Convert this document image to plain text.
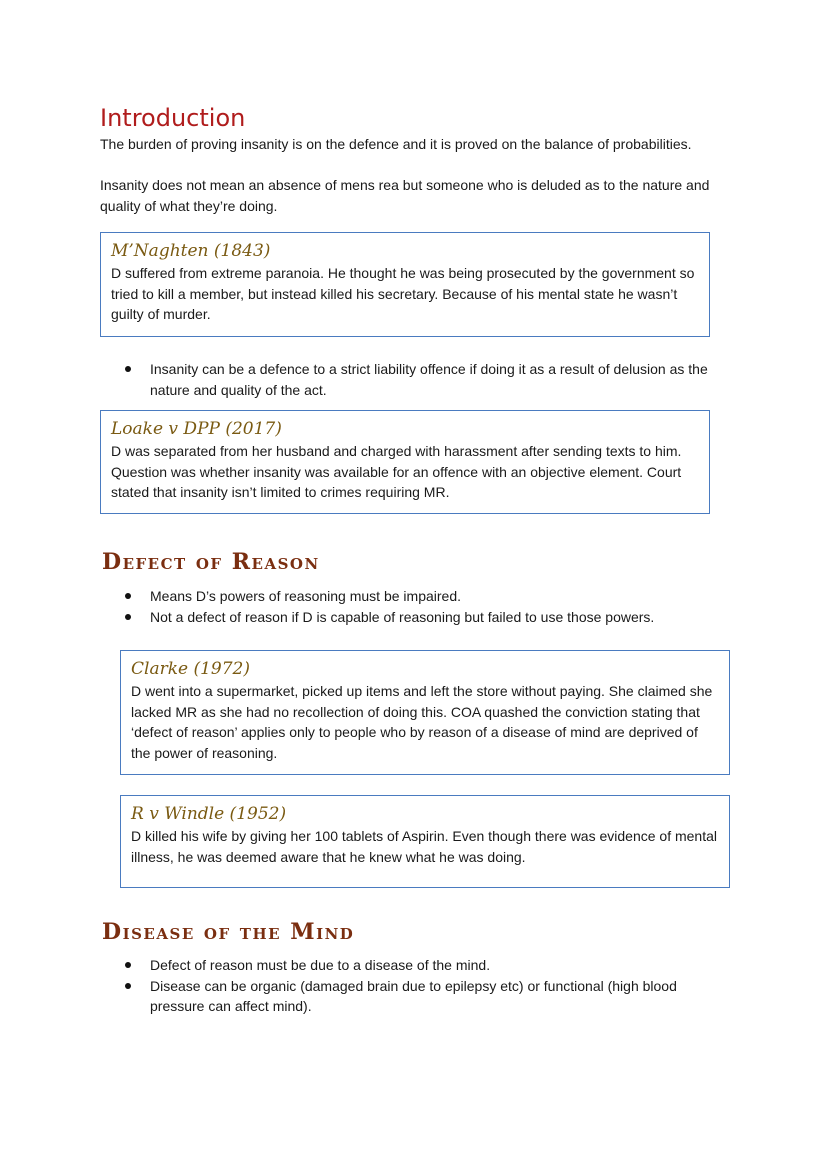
Introduction

The burden of proving insanity is on the defence and it is proved on the balance of probabilities.

Insanity does not mean an absence of mens rea but someone who is deluded as to the nature and quality of what they’re doing.

M’Naghten (1843)
D suffered from extreme paranoia. He thought he was being prosecuted by the government so tried to kill a member, but instead killed his secretary. Because of his mental state he wasn’t guilty of murder.
Insanity can be a defence to a strict liability offence if doing it as a result of delusion as the nature and quality of the act.
Loake v DPP (2017)
D was separated from her husband and charged with harassment after sending texts to him. Question was whether insanity was available for an offence with an objective element. Court stated that insanity isn’t limited to crimes requiring MR.
Defect of Reason
Means D’s powers of reasoning must be impaired.
Not a defect of reason if D is capable of reasoning but failed to use those powers.
Clarke (1972)
D went into a supermarket, picked up items and left the store without paying. She claimed she lacked MR as she had no recollection of doing this. COA quashed the conviction stating that ‘defect of reason’ applies only to people who by reason of a disease of mind are deprived of the power of reasoning.
R v Windle (1952)
D killed his wife by giving her 100 tablets of Aspirin. Even though there was evidence of mental illness, he was deemed aware that he knew what he was doing.
Disease of the Mind
Defect of reason must be due to a disease of the mind.
Disease can be organic (damaged brain due to epilepsy etc) or functional (high blood pressure can affect mind).
